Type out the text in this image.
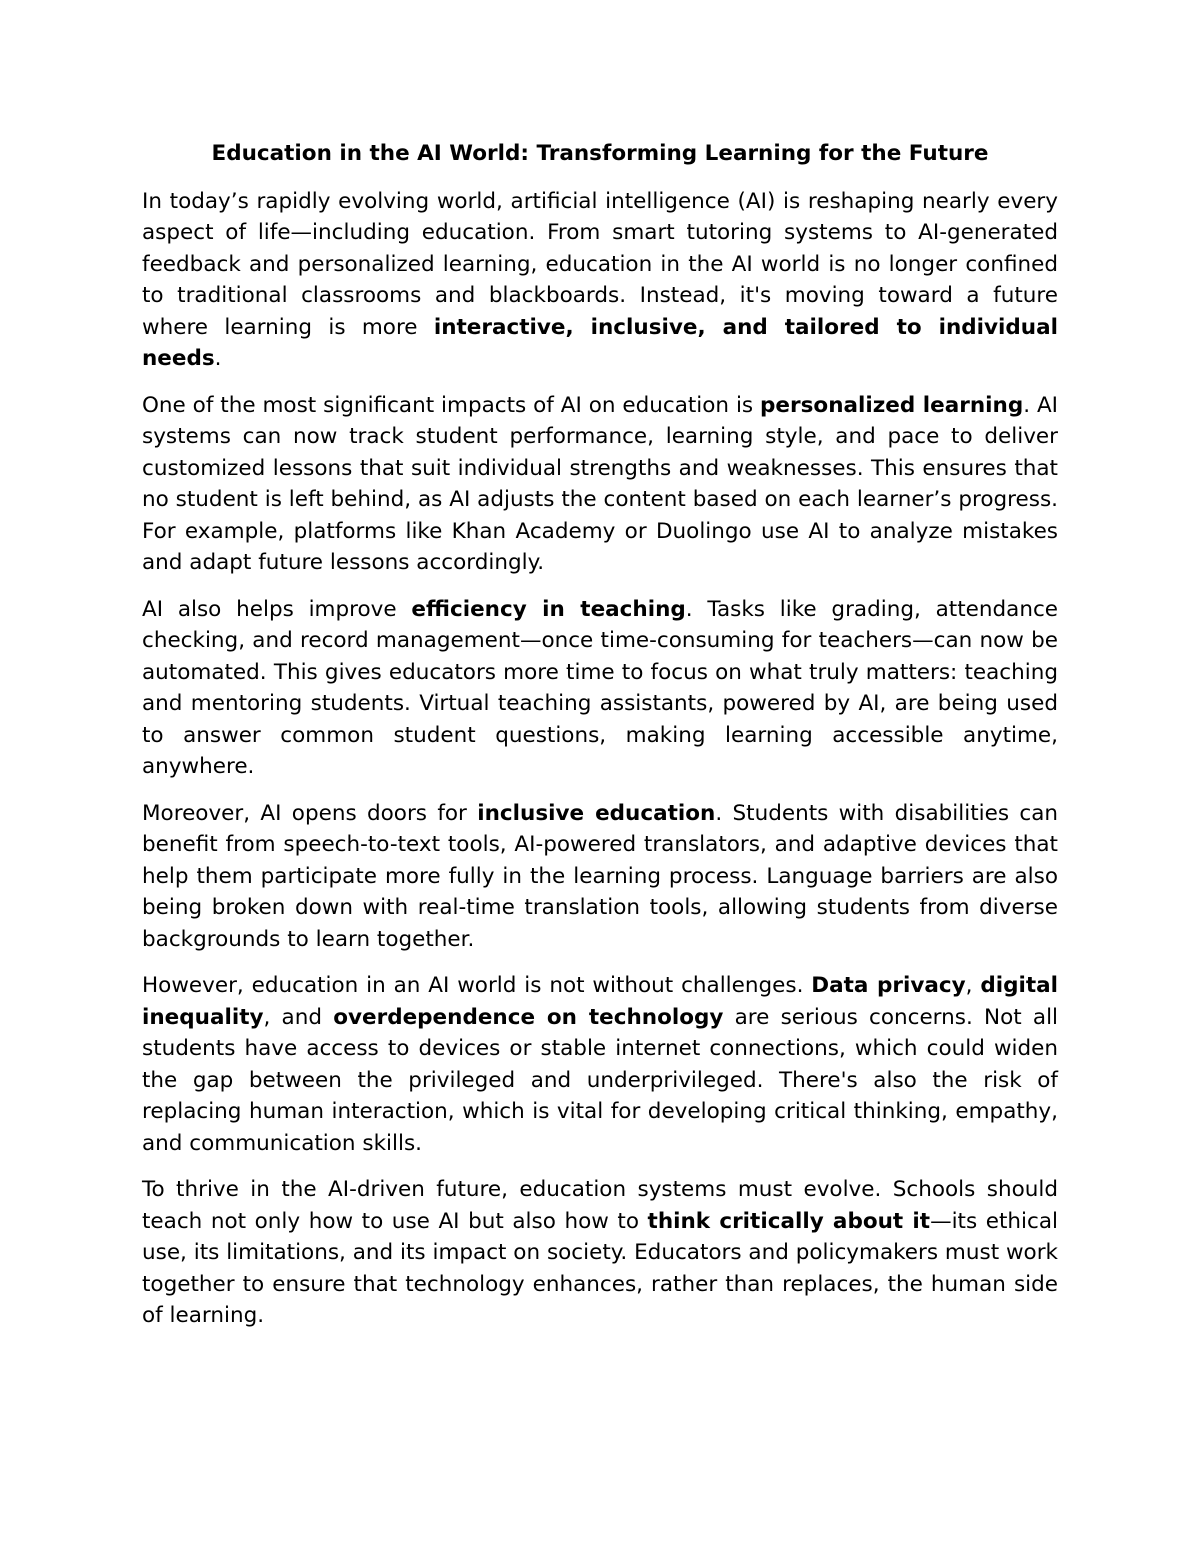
Education in the AI World: Transforming Learning for the Future

In today’s rapidly evolving world, artificial intelligence (AI) is reshaping nearly every aspect of life—including education. From smart tutoring systems to AI-generated feedback and personalized learning, education in the AI world is no longer confined to traditional classrooms and blackboards. Instead, it's moving toward a future where learning is more interactive, inclusive, and tailored to individual needs.

One of the most significant impacts of AI on education is personalized learning. AI systems can now track student performance, learning style, and pace to deliver customized lessons that suit individual strengths and weaknesses. This ensures that no student is left behind, as AI adjusts the content based on each learner’s progress. For example, platforms like Khan Academy or Duolingo use AI to analyze mistakes and adapt future lessons accordingly.

AI also helps improve efficiency in teaching. Tasks like grading, attendance checking, and record management—once time-consuming for teachers—can now be automated. This gives educators more time to focus on what truly matters: teaching and mentoring students. Virtual teaching assistants, powered by AI, are being used to answer common student questions, making learning accessible anytime, anywhere.

Moreover, AI opens doors for inclusive education. Students with disabilities can benefit from speech-to-text tools, AI-powered translators, and adaptive devices that help them participate more fully in the learning process. Language barriers are also being broken down with real-time translation tools, allowing students from diverse backgrounds to learn together.

However, education in an AI world is not without challenges. Data privacy, digital inequality, and overdependence on technology are serious concerns. Not all students have access to devices or stable internet connections, which could widen the gap between the privileged and underprivileged. There's also the risk of replacing human interaction, which is vital for developing critical thinking, empathy, and communication skills.

To thrive in the AI-driven future, education systems must evolve. Schools should teach not only how to use AI but also how to think critically about it—its ethical use, its limitations, and its impact on society. Educators and policymakers must work together to ensure that technology enhances, rather than replaces, the human side of learning.
